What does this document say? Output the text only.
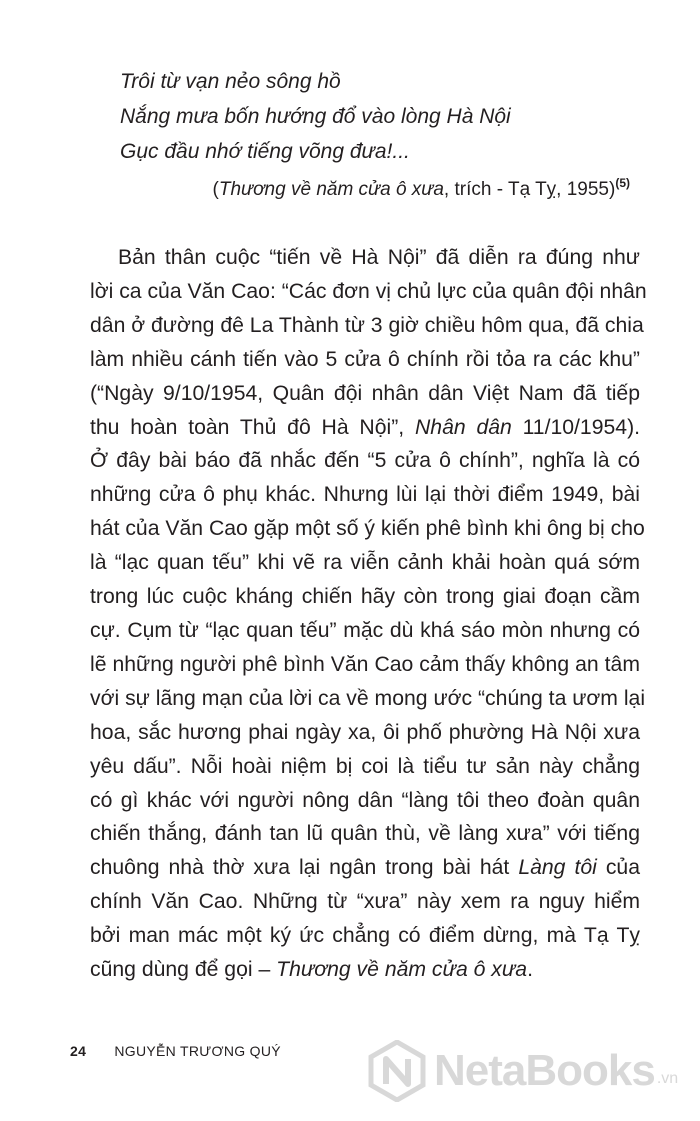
Trôi từ vạn nẻo sông hồ
Nắng mưa bốn hướng đổ vào lòng Hà Nội
Gục đầu nhớ tiếng võng đưa!...
(Thương về năm cửa ô xưa, trích - Tạ Tỵ, 1955)$^{(5)}$
Bản thân cuộc “tiến về Hà Nội” đã diễn ra đúng như
lời ca của Văn Cao: “Các đơn vị chủ lực của quân đội nhân
dân ở đường đê La Thành từ 3 giờ chiều hôm qua, đã chia
làm nhiều cánh tiến vào 5 cửa ô chính rồi tỏa ra các khu”
(“Ngày 9/10/1954, Quân đội nhân dân Việt Nam đã tiếp
thu hoàn toàn Thủ đô Hà Nội”, Nhân dân 11/10/1954).
Ở đây bài báo đã nhắc đến “5 cửa ô chính”, nghĩa là có
những cửa ô phụ khác. Nhưng lùi lại thời điểm 1949, bài
hát của Văn Cao gặp một số ý kiến phê bình khi ông bị cho
là “lạc quan tếu” khi vẽ ra viễn cảnh khải hoàn quá sớm
trong lúc cuộc kháng chiến hãy còn trong giai đoạn cầm
cự. Cụm từ “lạc quan tếu” mặc dù khá sáo mòn nhưng có
lẽ những người phê bình Văn Cao cảm thấy không an tâm
với sự lãng mạn của lời ca về mong ước “chúng ta ươm lại
hoa, sắc hương phai ngày xa, ôi phố phường Hà Nội xưa
yêu dấu”. Nỗi hoài niệm bị coi là tiểu tư sản này chẳng
có gì khác với người nông dân “làng tôi theo đoàn quân
chiến thắng, đánh tan lũ quân thù, về làng xưa” với tiếng
chuông nhà thờ xưa lại ngân trong bài hát Làng tôi của
chính Văn Cao. Những từ “xưa” này xem ra nguy hiểm
bởi man mác một ký ức chẳng có điểm dừng, mà Tạ Tỵ
cũng dùng để gọi – Thương về năm cửa ô xưa.
24 NGUYỄN TRƯƠNG QUÝ	NetaBooks .vn
